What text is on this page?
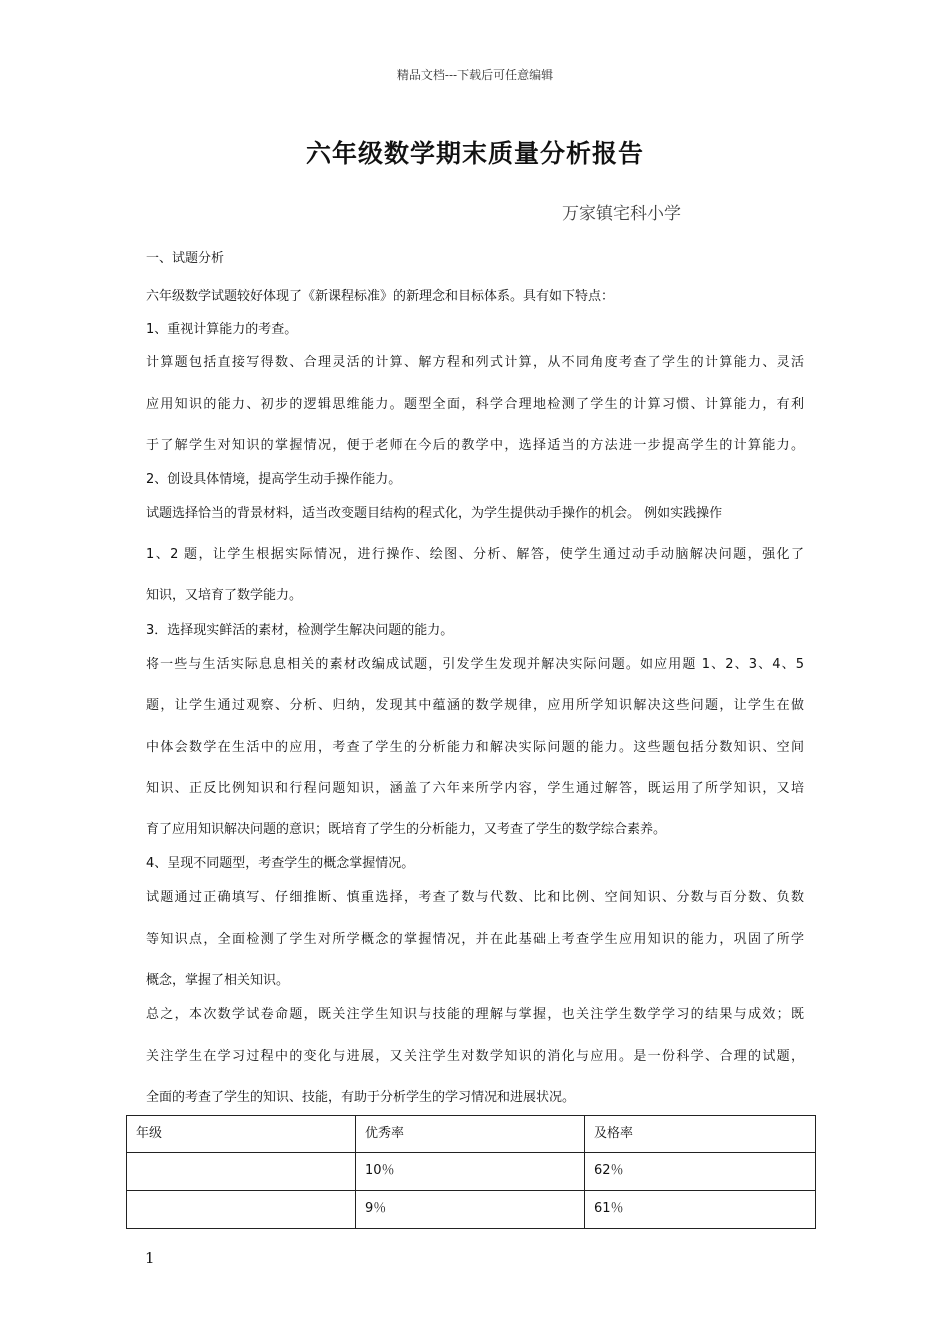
精品文档---下载后可任意编辑
六年级数学期末质量分析报告
万家镇宅科小学
一、试题分析
六年级数学试题较好体现了《新课程标准》的新理念和目标体系。具有如下特点：
1、重视计算能力的考查。
计算题包括直接写得数、合理灵活的计算、解方程和列式计算，从不同角度考查了学生的计算能力、灵活
应用知识的能力、初步的逻辑思维能力。题型全面，科学合理地检测了学生的计算习惯、计算能力，有利
于了解学生对知识的掌握情况，便于老师在今后的教学中，选择适当的方法进一步提高学生的计算能力。
2、创设具体情境，提高学生动手操作能力。
试题选择恰当的背景材料，适当改变题目结构的程式化，为学生提供动手操作的机会。 例如实践操作
1、2 题，让学生根据实际情况，进行操作、绘图、分析、解答，使学生通过动手动脑解决问题，强化了
知识，又培育了数学能力。
3．选择现实鲜活的素材，检测学生解决问题的能力。
将一些与生活实际息息相关的素材改编成试题，引发学生发现并解决实际问题。如应用题 1、2、3、4、5
题，让学生通过观察、分析、归纳，发现其中蕴涵的数学规律，应用所学知识解决这些问题，让学生在做
中体会数学在生活中的应用，考查了学生的分析能力和解决实际问题的能力。这些题包括分数知识、空间
知识、正反比例知识和行程问题知识，涵盖了六年来所学内容，学生通过解答，既运用了所学知识，又培
育了应用知识解决问题的意识；既培育了学生的分析能力，又考查了学生的数学综合素养。
4、呈现不同题型，考查学生的概念掌握情况。
试题通过正确填写、仔细推断、慎重选择，考查了数与代数、比和比例、空间知识、分数与百分数、负数
等知识点，全面检测了学生对所学概念的掌握情况，并在此基础上考查学生应用知识的能力，巩固了所学
概念，掌握了相关知识。
总之，本次数学试卷命题，既关注学生知识与技能的理解与掌握，也关注学生数学学习的结果与成效；既
关注学生在学习过程中的变化与进展，又关注学生对数学知识的消化与应用。是一份科学、合理的试题，
全面的考查了学生的知识、技能，有助于分析学生的学习情况和进展状况。
年级	优秀率	及格率
	10％	62％
	9％	61％
1
